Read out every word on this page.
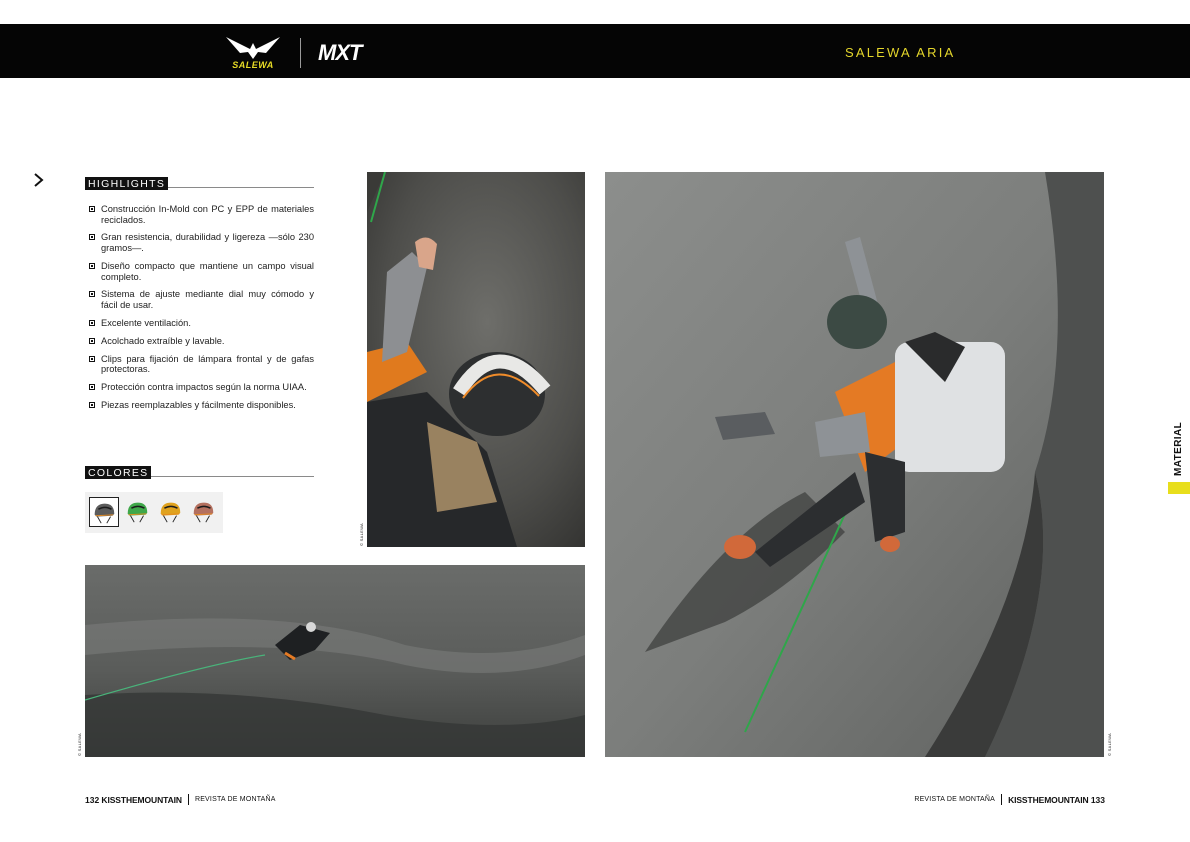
SALEWA	MXT	SALEWA ARIA
HIGHLIGHTS
Construcción In-Mold con PC y EPP de materiales reciclados.
Gran resistencia, durabilidad y ligereza —sólo 230 gramos—.
Diseño compacto que mantiene un campo visual completo.
Sistema de ajuste mediante dial muy cómodo y fácil de usar.
Excelente ventilación.
Acolchado extraíble y lavable.
Clips para fijación de lámpara frontal y de gafas protectoras.
Protección contra impactos según la norma UIAA.
Piezas reemplazables y fácilmente disponibles.
COLORES
© SALEWA
© SALEWA
© SALEWA
MATERIAL
132
KISSTHEMOUNTAIN REVISTA DE MONTAÑA	REVISTA DE MONTAÑA KISSTHEMOUNTAIN
133
